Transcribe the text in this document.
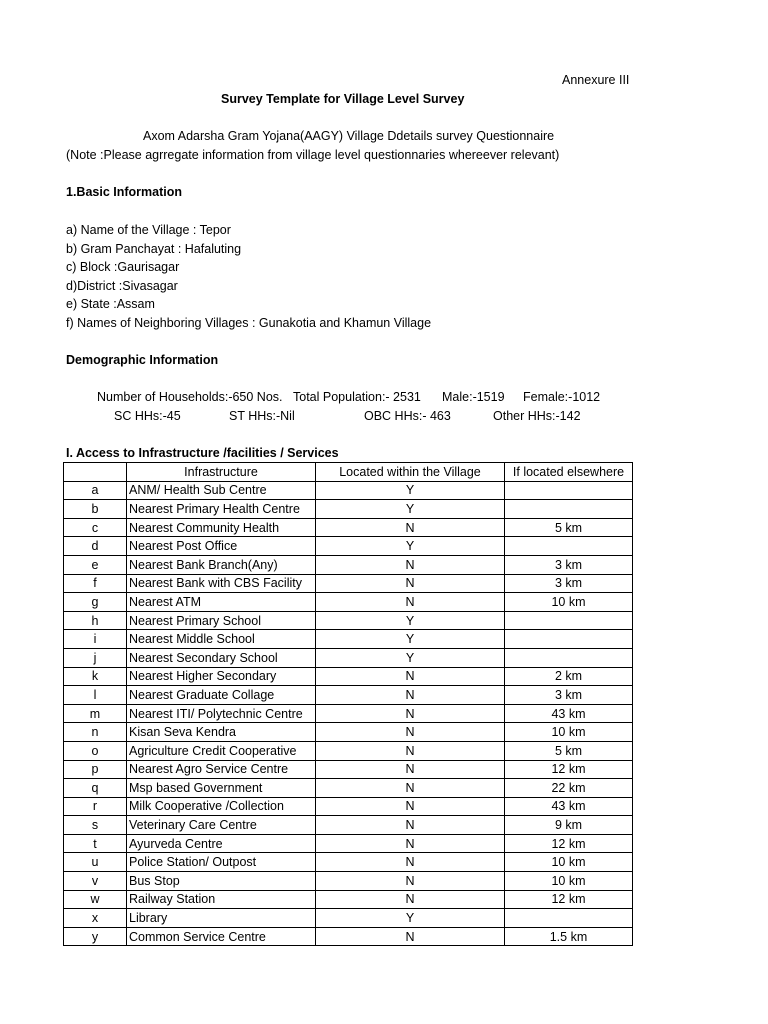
Annexure III
Survey Template for Village Level Survey
Axom Adarsha Gram Yojana(AAGY) Village Ddetails survey Questionnaire
(Note :Please agrregate information from village level questionnaries whereever relevant)
1.Basic Information
a) Name of the Village : Tepor
b) Gram Panchayat : Hafaluting
c) Block :Gaurisagar
d)District :Sivasagar
e) State :Assam
f) Names of Neighboring Villages : Gunakotia and Khamun Village
Demographic Information
Number of Households:-650 Nos. Total Population:- 2531 Male:-1519 Female:-1012
SC HHs:-45	ST HHs:-Nil	OBC HHs:- 463	Other HHs:-142
I. Access to Infrastructure /facilities / Services
	Infrastructure	Located within the Village	If located elsewhere
a	ANM/ Health Sub Centre	Y	
b	Nearest Primary Health Centre	Y	
c	Nearest Community Health	N	5 km
d	Nearest Post Office	Y	
e	Nearest Bank Branch(Any)	N	3 km
f	Nearest Bank with CBS Facility	N	3 km
g	Nearest ATM	N	10 km
h	Nearest Primary School	Y	
i	Nearest Middle School	Y	
j	Nearest Secondary School	Y	
k	Nearest Higher Secondary	N	2 km
l	Nearest Graduate Collage	N	3 km
m	Nearest ITI/ Polytechnic Centre	N	43 km
n	Kisan Seva Kendra	N	10 km
o	Agriculture Credit Cooperative	N	5 km
p	Nearest Agro Service Centre	N	12 km
q	Msp based Government	N	22 km
r	Milk Cooperative /Collection	N	43 km
s	Veterinary Care Centre	N	9 km
t	Ayurveda Centre	N	12 km
u	Police Station/ Outpost	N	10 km
v	Bus Stop	N	10 km
w	Railway Station	N	12 km
x	Library	Y	
y	Common Service Centre	N	1.5 km
